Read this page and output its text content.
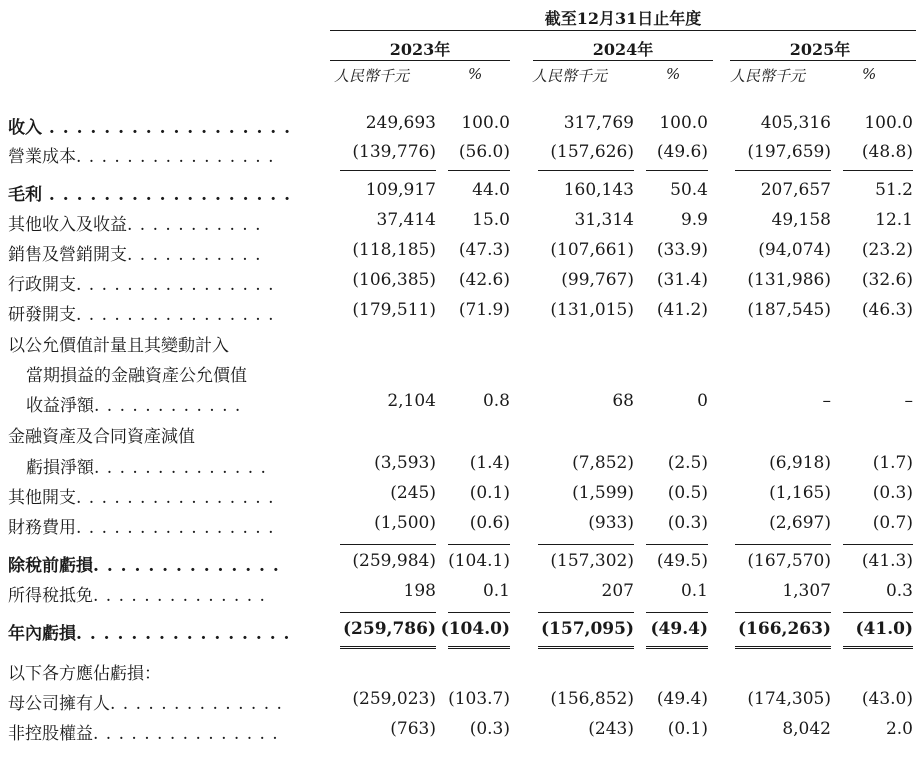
截至12月31日止年度
2023年	2024年	2025年
人民幣千元	%	人民幣千元	%	人民幣千元	%
收入 . . . . . . . . . . . . . . . . . .	249,693 100.0	317,769 100.0	405,316 100.0
營業成本. . . . . . . . . . . . . . . .	(139,776) (56.0) (157,626) (49.6) (197,659) (48.8)
毛利 . . . . . . . . . . . . . . . . . .	109,917 44.0	160,143 50.4	207,657	51.2
其他收入及收益. . . . . . . . . . .	37,414 15.0	31,314	9.9	49,158	12.1
銷售及營銷開支. . . . . . . . . . .	(118,185) (47.3) (107,661) (33.9)	(94,074) (23.2)
行政開支. . . . . . . . . . . . . . . .	(106,385) (42.6)	(99,767) (31.4) (131,986) (32.6)
研發開支. . . . . . . . . . . . . . . .	(179,511) (71.9) (131,015) (41.2) (187,545) (46.3)
以公允價值計量且其變動計入
當期損益的金融資產公允價值
收益淨額. . . . . . . . . . . .	2,104	0.8	68	0	–	–
金融資產及合同資產減值
虧損淨額. . . . . . . . . . . . . .	(3,593) (1.4)	(7,852) (2.5)	(6,918) (1.7)
其他開支. . . . . . . . . . . . . . . .	(245) (0.1)	(1,599) (0.5)	(1,165) (0.3)
財務費用. . . . . . . . . . . . . . . .	(1,500) (0.6)	(933) (0.3)	(2,697) (0.7)
除稅前虧損. . . . . . . . . . . . . .	(259,984) (104.1) (157,302) (49.5) (167,570) (41.3)
所得稅抵免. . . . . . . . . . . . . .	198	0.1	207	0.1	1,307	0.3
年內虧損. . . . . . . . . . . . . . . .	(259,786) (104.0) (157,095) (49.4) (166,263) (41.0)
以下各方應佔虧損：
母公司擁有人. . . . . . . . . . . . . .	(259,023) (103.7) (156,852) (49.4) (174,305) (43.0)
非控股權益. . . . . . . . . . . . . . .	(763) (0.3)	(243) (0.1)	8,042	2.0
